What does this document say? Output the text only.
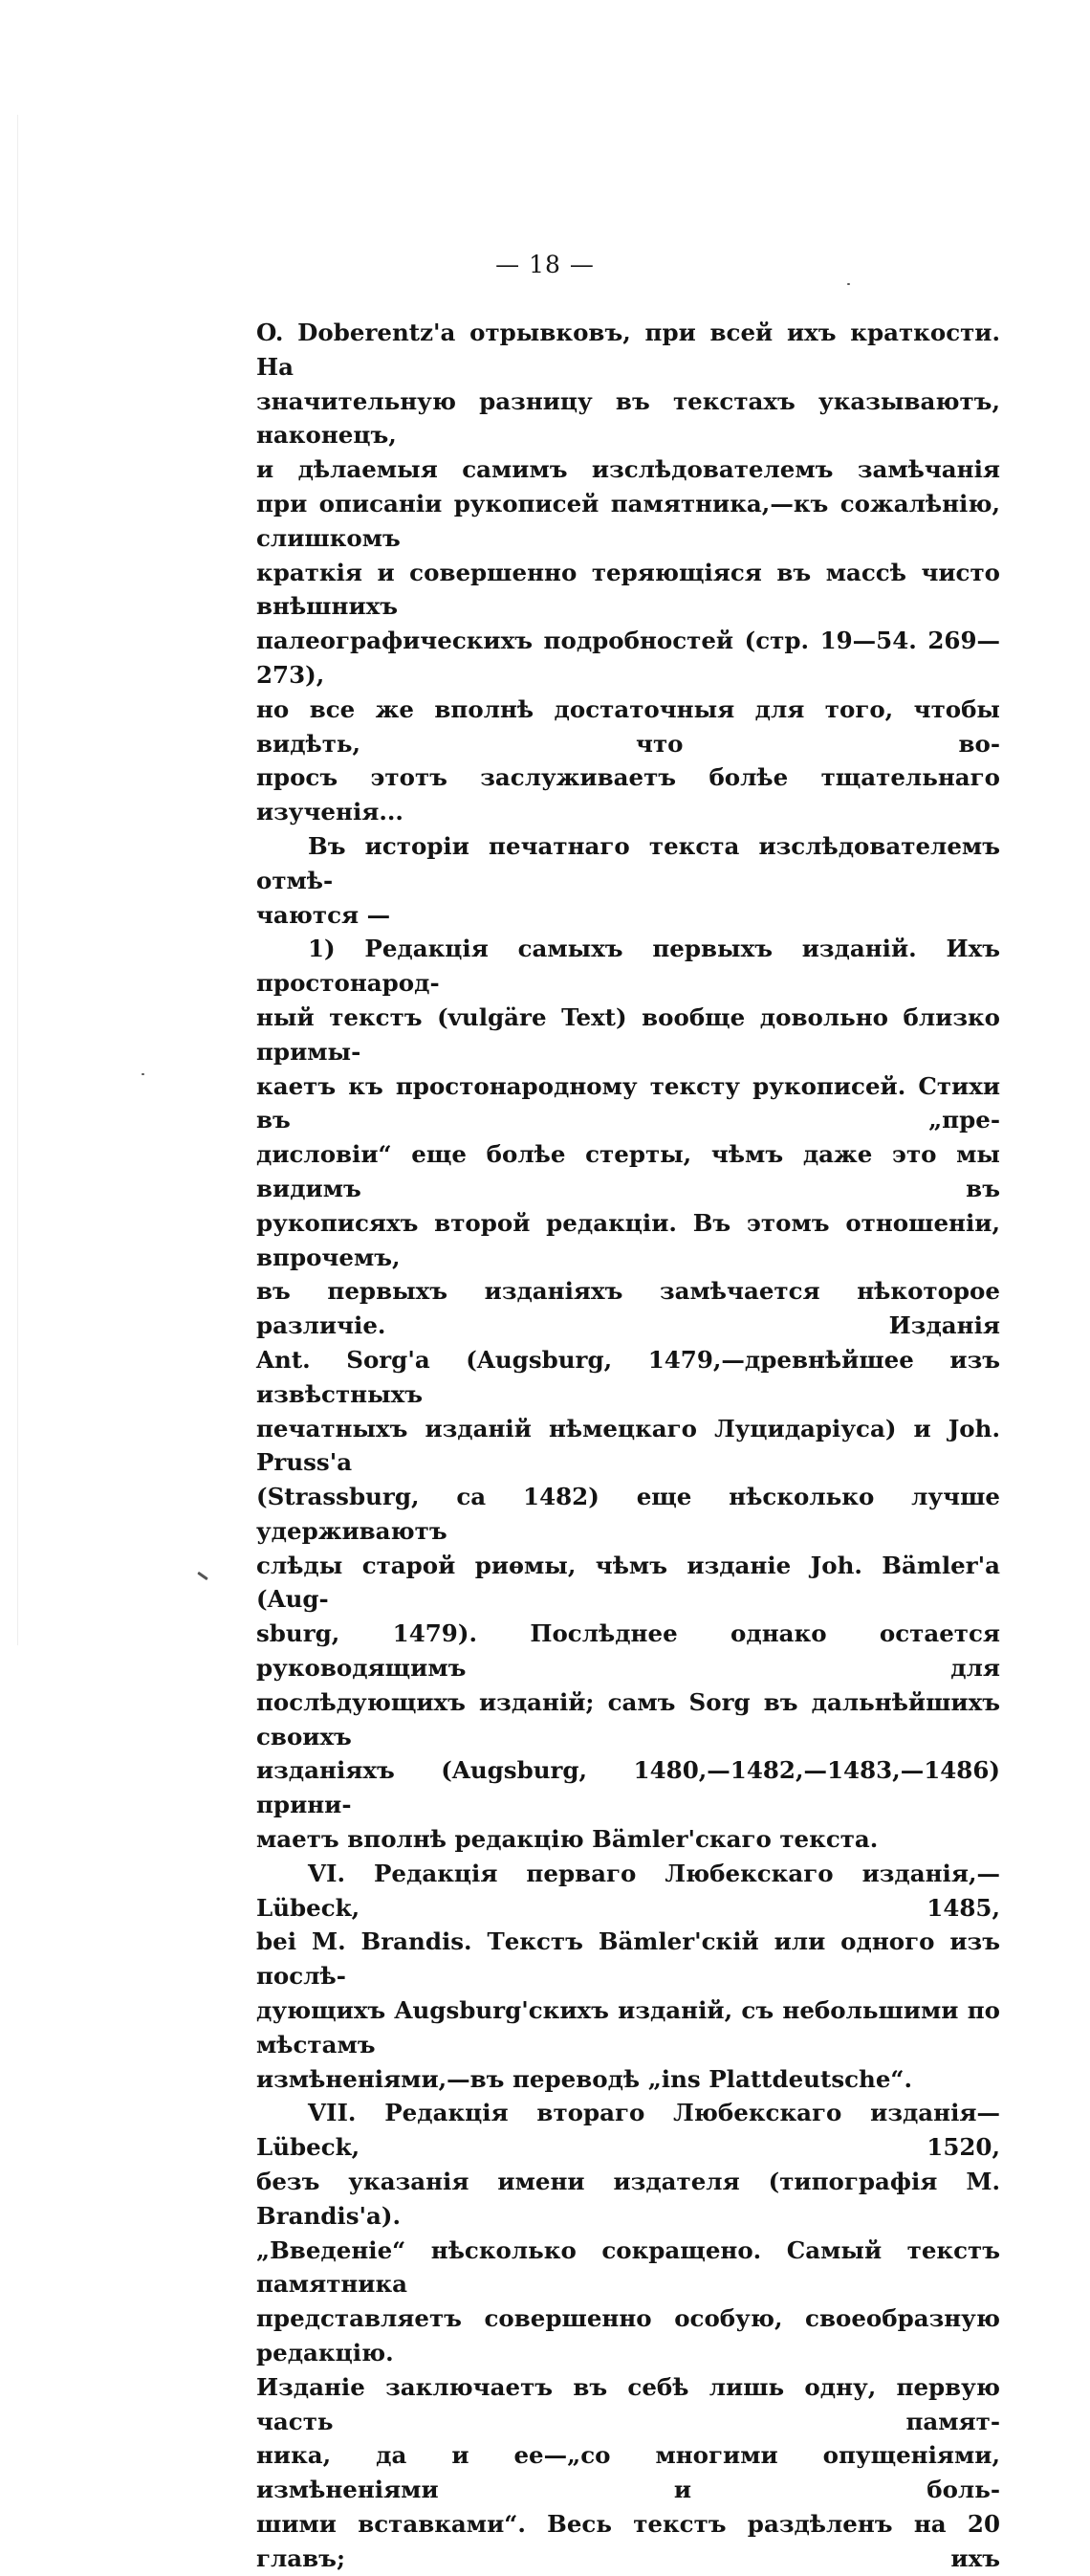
— 18 —

O. Doberentz'а отрывковъ, при всей ихъ краткости. На

значительную разницу въ текстахъ указываютъ, наконецъ,

и дѣлаемыя самимъ изслѣдователемъ замѣчанія

при описаніи рукописей памятника,—къ сожалѣнію, слишкомъ

краткія и совершенно теряющіяся въ массѣ чисто внѣшнихъ

палеографическихъ подробностей (стр. 19—54. 269—273),

но все же вполнѣ достаточныя для того, чтобы видѣть, что во-

просъ этотъ заслуживаетъ болѣе тщательнаго изученія...

Въ исторіи печатнаго текста изслѣдователемъ отмѣ-

чаются —

1) Редакція самыхъ первыхъ изданій. Ихъ простонарод-

ный текстъ (vulgäre Text) вообще довольно близко примы-

каетъ къ простонародному тексту рукописей. Стихи въ „пре-

дисловіи“ еще болѣе стерты, чѣмъ даже это мы видимъ въ

рукописяхъ второй редакціи. Въ этомъ отношеніи, впрочемъ,

въ первыхъ изданіяхъ замѣчается нѣкоторое различіе. Изданія

Ant. Sorg'а (Augsburg, 1479,—древнѣйшее изъ извѣстныхъ

печатныхъ изданій нѣмецкаго Луцидаріуса) и Joh. Pruss'а

(Strassburg, ca 1482) еще нѣсколько лучше удерживаютъ

слѣды старой риѳмы, чѣмъ изданіе Joh. Bämler'а (Aug-

sburg, 1479). Послѣднее однако остается руководящимъ для

послѣдующихъ изданій; самъ Sorg въ дальнѣйшихъ своихъ

изданіяхъ (Augsburg, 1480,—1482,—1483,—1486) прини-

маетъ вполнѣ редакцію Bämler'скаго текста.

VI. Редакція перваго Любекскаго изданія,—Lübeck, 1485,

bei M. Brandis. Текстъ Bämler'скій или одного изъ послѣ-

дующихъ Augsburg'скихъ изданій, съ небольшими по мѣстамъ

измѣненіями,—въ переводѣ „ins Plattdeutsche“.

VII. Редакція втораго Любекскаго изданія—Lübeck, 1520,

безъ указанія имени издателя (типографія M. Brandis'а).

„Введеніе“ нѣсколько сокращено. Самый текстъ памятника

представляетъ совершенно особую, своеобразную редакцію.

Изданіе заключаетъ въ себѣ лишь одну, первую часть памят-

ника, да и ее—„со многими опущеніями, измѣненіями и боль-

шими вставками“. Весь текстъ раздѣленъ на 20 главъ; ихъ
